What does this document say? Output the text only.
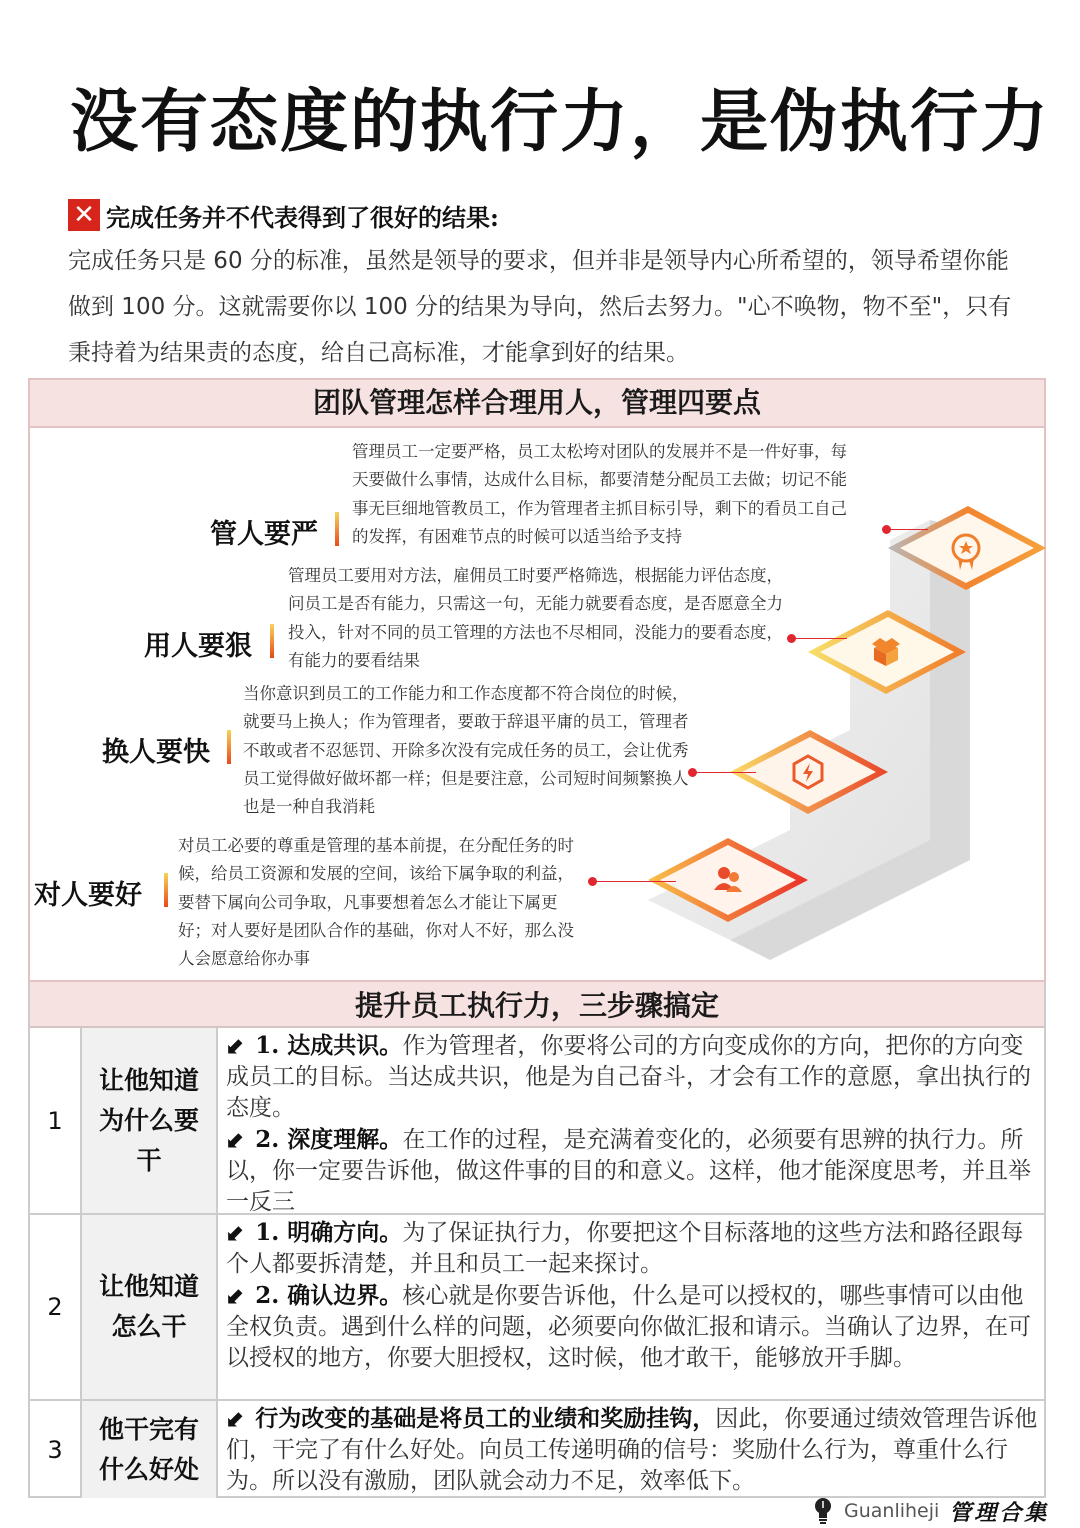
没有态度的执行力，是伪执行力
✕ 完成任务并不代表得到了很好的结果:
完成任务只是 60 分的标准，虽然是领导的要求，但并非是领导内心所希望的，领导希望你能做到 100 分。这就需要你以 100 分的结果为导向，然后去努力。"心不唤物，物不至"，只有秉持着为结果责的态度，给自己高标准，才能拿到好的结果。
团队管理怎样合理用人，管理四要点
管理员工一定要严格，员工太松垮对团队的发展并不是一件好事，每天要做什么事情，达成什么目标，都要清楚分配员工去做；切记不能事无巨细地管教员工，作为管理者主抓目标引导，剩下的看员工自己的发挥，有困难节点的时候可以适当给予支持
管人要严
管理员工要用对方法，雇佣员工时要严格筛选，根据能力评估态度，问员工是否有能力，只需这一句，无能力就要看态度，是否愿意全力投入，针对不同的员工管理的方法也不尽相同，没能力的要看态度，有能力的要看结果
用人要狠
当你意识到员工的工作能力和工作态度都不符合岗位的时候，就要马上换人；作为管理者，要敢于辞退平庸的员工，管理者不敢或者不忍惩罚、开除多次没有完成任务的员工，会让优秀员工觉得做好做坏都一样；但是要注意，公司短时间频繁换人也是一种自我消耗
换人要快
对员工必要的尊重是管理的基本前提，在分配任务的时候，给员工资源和发展的空间，该给下属争取的利益，要替下属向公司争取，凡事要想着怎么才能让下属更好；对人要好是团队合作的基础，你对人不好，那么没人会愿意给你办事
对人要好
提升员工执行力，三步骤搞定
1
让他知道为什么要干
⬋ 1. 达成共识。作为管理者，你要将公司的方向变成你的方向，把你的方向变成员工的目标。当达成共识，他是为自己奋斗，才会有工作的意愿，拿出执行的态度。
⬋ 2. 深度理解。在工作的过程，是充满着变化的，必须要有思辨的执行力。所以，你一定要告诉他，做这件事的目的和意义。这样，他才能深度思考，并且举一反三
2
让他知道怎么干
⬋ 1. 明确方向。为了保证执行力，你要把这个目标落地的这些方法和路径跟每个人都要拆清楚，并且和员工一起来探讨。
⬋ 2. 确认边界。核心就是你要告诉他，什么是可以授权的，哪些事情可以由他全权负责。遇到什么样的问题，必须要向你做汇报和请示。当确认了边界，在可以授权的地方，你要大胆授权，这时候，他才敢干，能够放开手脚。
3
他干完有什么好处
⬋ 行为改变的基础是将员工的业绩和奖励挂钩，因此，你要通过绩效管理告诉他们，干完了有什么好处。向员工传递明确的信号：奖励什么行为，尊重什么行为。所以没有激励，团队就会动力不足，效率低下。
Guanliheji 管理合集
